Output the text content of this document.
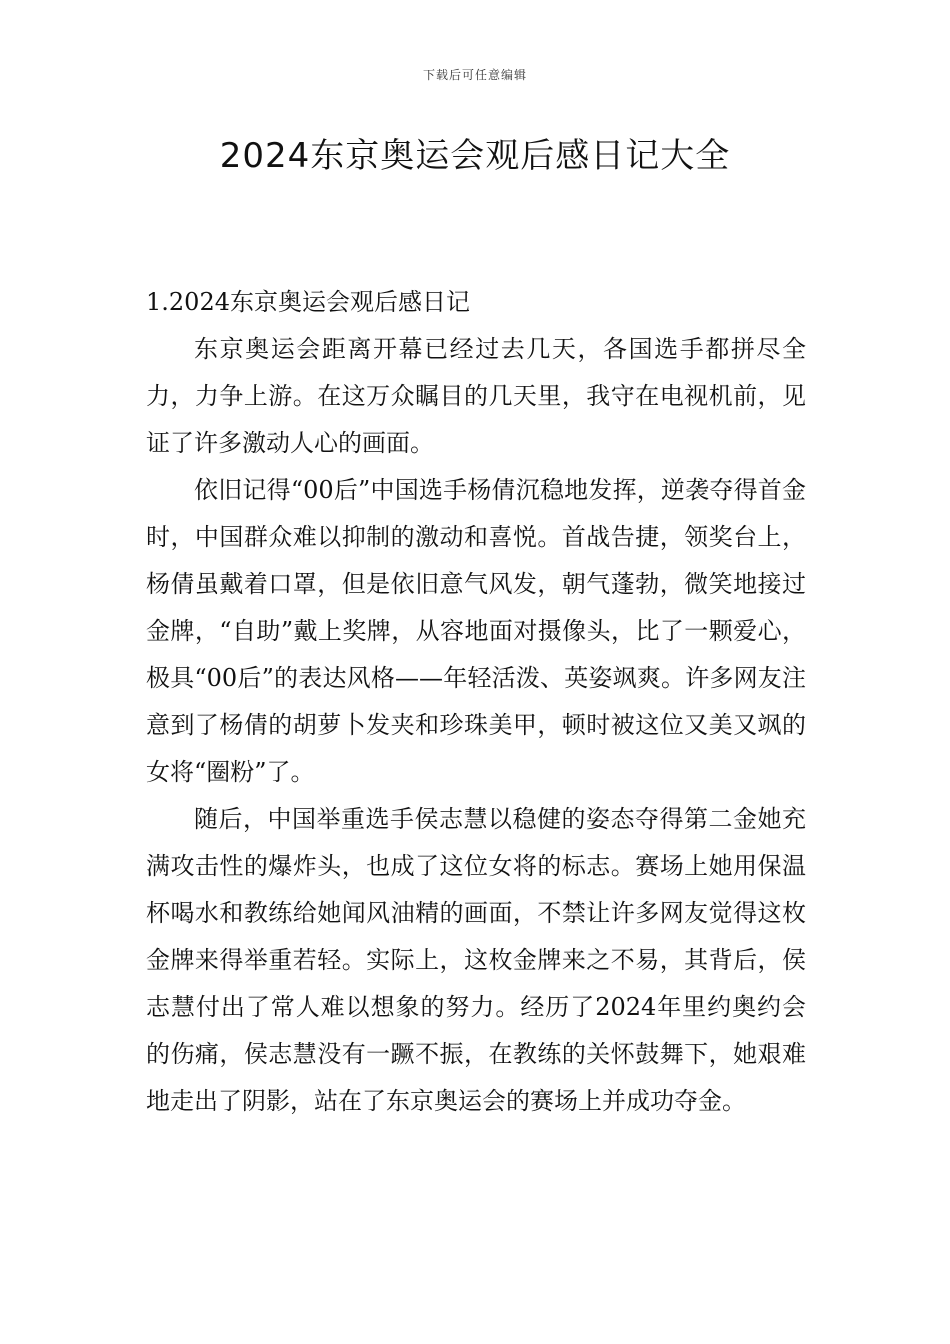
下载后可任意编辑
2024东京奥运会观后感日记大全
1.2024东京奥运会观后感日记

东京奥运会距离开幕已经过去几天，各国选手都拼尽全力，力争上游。在这万众瞩目的几天里，我守在电视机前，见证了许多激动人心的画面。

依旧记得“00后”中国选手杨倩沉稳地发挥，逆袭夺得首金时，中国群众难以抑制的激动和喜悦。首战告捷，领奖台上，杨倩虽戴着口罩，但是依旧意气风发，朝气蓬勃，微笑地接过金牌，“自助”戴上奖牌，从容地面对摄像头，比了一颗爱心，极具“00后”的表达风格——年轻活泼、英姿飒爽。许多网友注意到了杨倩的胡萝卜发夹和珍珠美甲，顿时被这位又美又飒的女将“圈粉”了。

随后，中国举重选手侯志慧以稳健的姿态夺得第二金她充满攻击性的爆炸头，也成了这位女将的标志。赛场上她用保温杯喝水和教练给她闻风油精的画面，不禁让许多网友觉得这枚金牌来得举重若轻。实际上，这枚金牌来之不易，其背后，侯志慧付出了常人难以想象的努力。经历了2024年里约奥约会的伤痛，侯志慧没有一蹶不振，在教练的关怀鼓舞下，她艰难地走出了阴影，站在了东京奥运会的赛场上并成功夺金。
